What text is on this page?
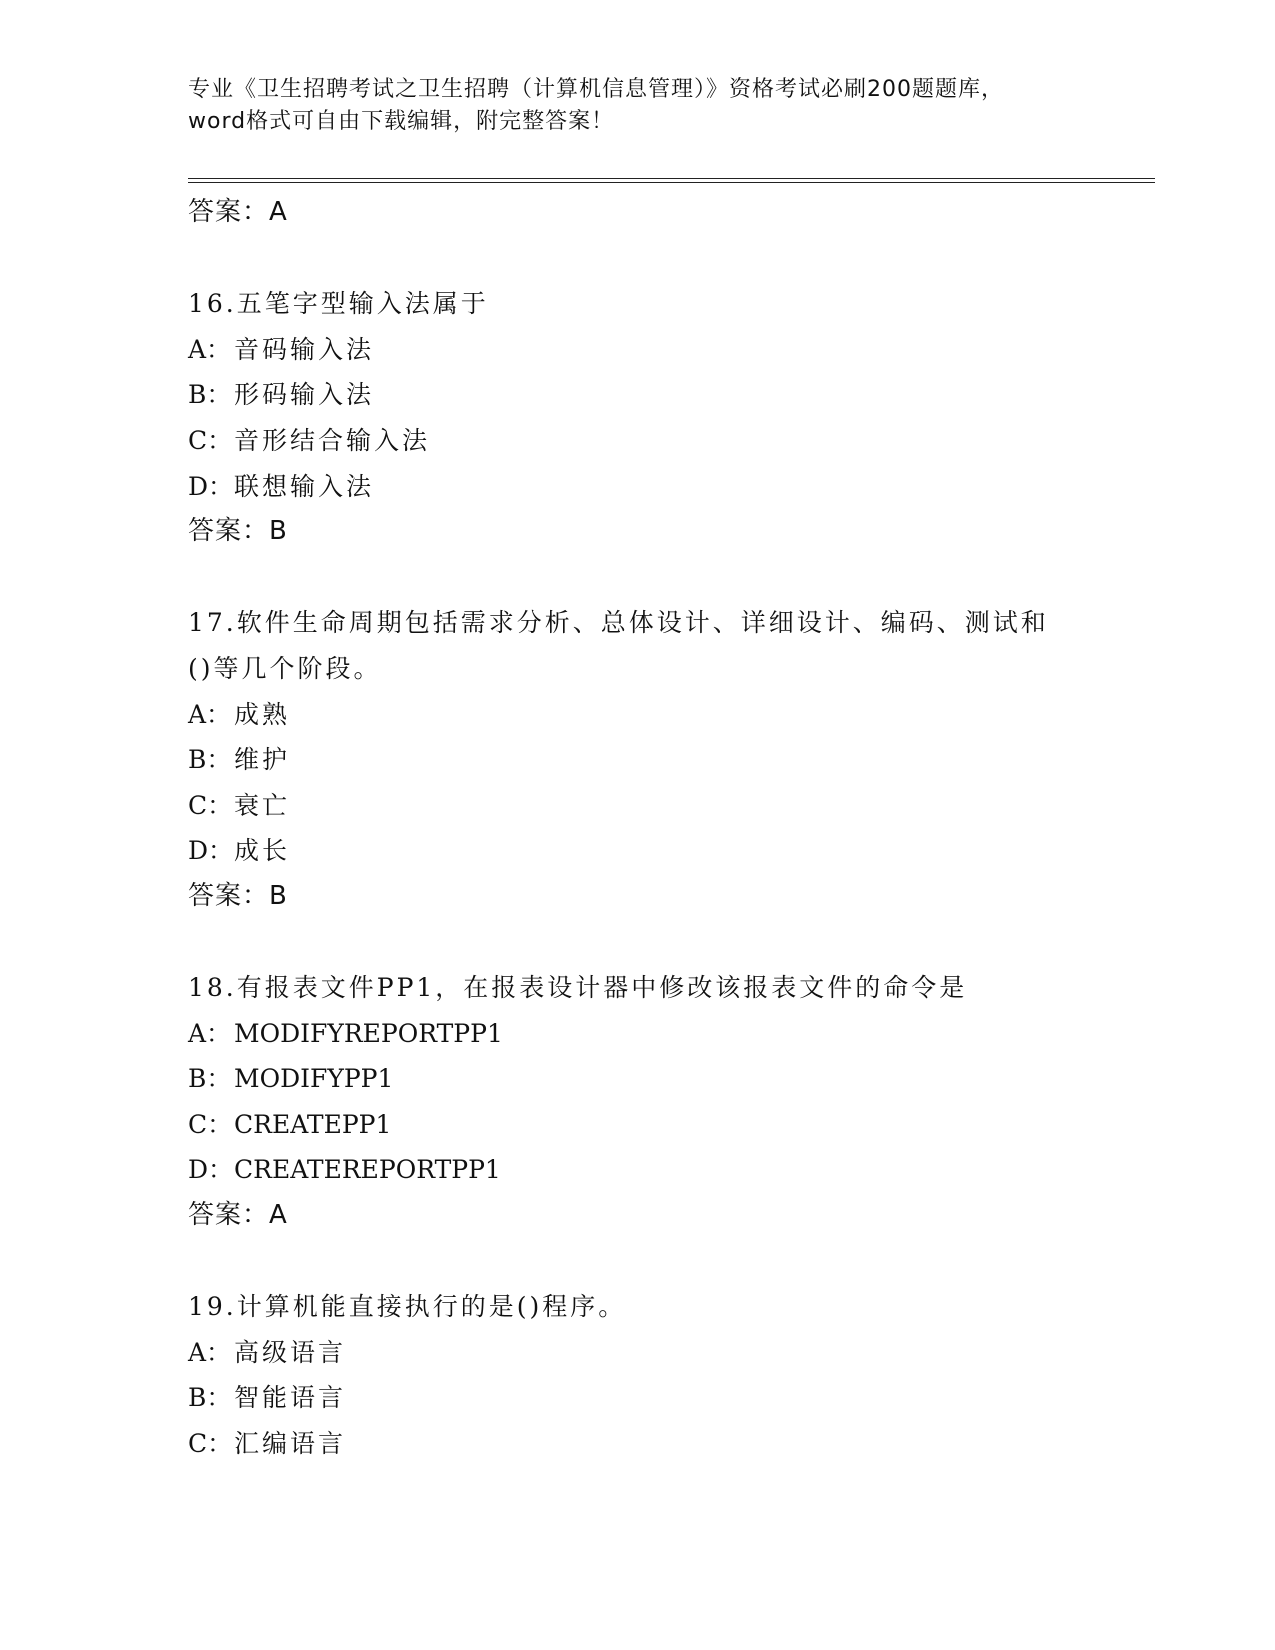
专业《卫生招聘考试之卫生招聘（计算机信息管理）》资格考试必刷200题题库，
word格式可自由下载编辑，附完整答案！
答案：A
16.五笔字型输入法属于
A： 音码输入法
B： 形码输入法
C：音形结合输入法
D：联想输入法
答案：B
17.软件生命周期包括需求分析、总体设计、详细设计、编码、测试和
()等几个阶段。
A： 成熟
B： 维护
C：衰亡
D：成长
答案：B
18.有报表文件PP1，在报表设计器中修改该报表文件的命令是
A： MODIFYREPORTPP1
B： MODIFYPP1
C：CREATEPP1
D：CREATEREPORTPP1
答案：A
19.计算机能直接执行的是()程序。
A： 高级语言
B： 智能语言
C：汇编语言
